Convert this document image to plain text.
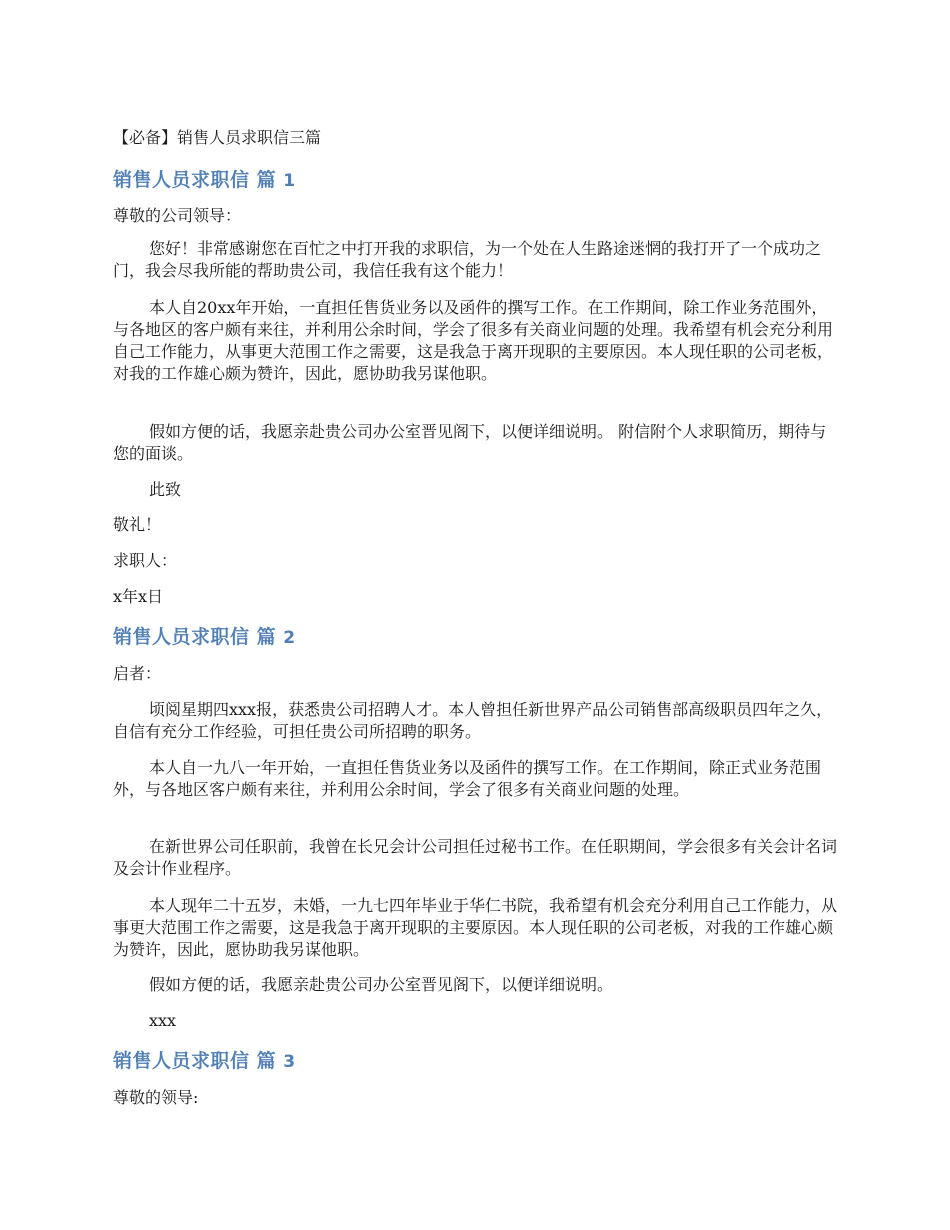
【必备】销售人员求职信三篇

销售人员求职信 篇 1

尊敬的公司领导：

您好！非常感谢您在百忙之中打开我的求职信，为一个处在人生路途迷惘的我打开了一个成功之门，我会尽我所能的帮助贵公司，我信任我有这个能力！

本人自20xx年开始，一直担任售货业务以及函件的撰写工作。在工作期间，除工作业务范围外，与各地区的客户颇有来往，并利用公余时间，学会了很多有关商业问题的处理。我希望有机会充分利用自己工作能力，从事更大范围工作之需要，这是我急于离开现职的主要原因。本人现任职的公司老板，对我的工作雄心颇为赞许，因此，愿协助我另谋他职。

假如方便的话，我愿亲赴贵公司办公室晋见阁下，以便详细说明。 附信附个人求职简历，期待与您的面谈。

此致

敬礼！

求职人：

x年x日

销售人员求职信 篇 2

启者：

顷阅星期四xxx报，获悉贵公司招聘人才。本人曾担任新世界产品公司销售部高级职员四年之久，自信有充分工作经验，可担任贵公司所招聘的职务。

本人自一九八一年开始，一直担任售货业务以及函件的撰写工作。在工作期间，除正式业务范围外，与各地区客户颇有来往，并利用公余时间，学会了很多有关商业问题的处理。

在新世界公司任职前，我曾在长兄会计公司担任过秘书工作。在任职期间，学会很多有关会计名词及会计作业程序。

本人现年二十五岁，未婚，一九七四年毕业于华仁书院，我希望有机会充分利用自己工作能力，从事更大范围工作之需要，这是我急于离开现职的主要原因。本人现任职的公司老板，对我的工作雄心颇为赞许，因此，愿协助我另谋他职。

假如方便的话，我愿亲赴贵公司办公室晋见阁下，以便详细说明。

xxx

销售人员求职信 篇 3

尊敬的领导:
